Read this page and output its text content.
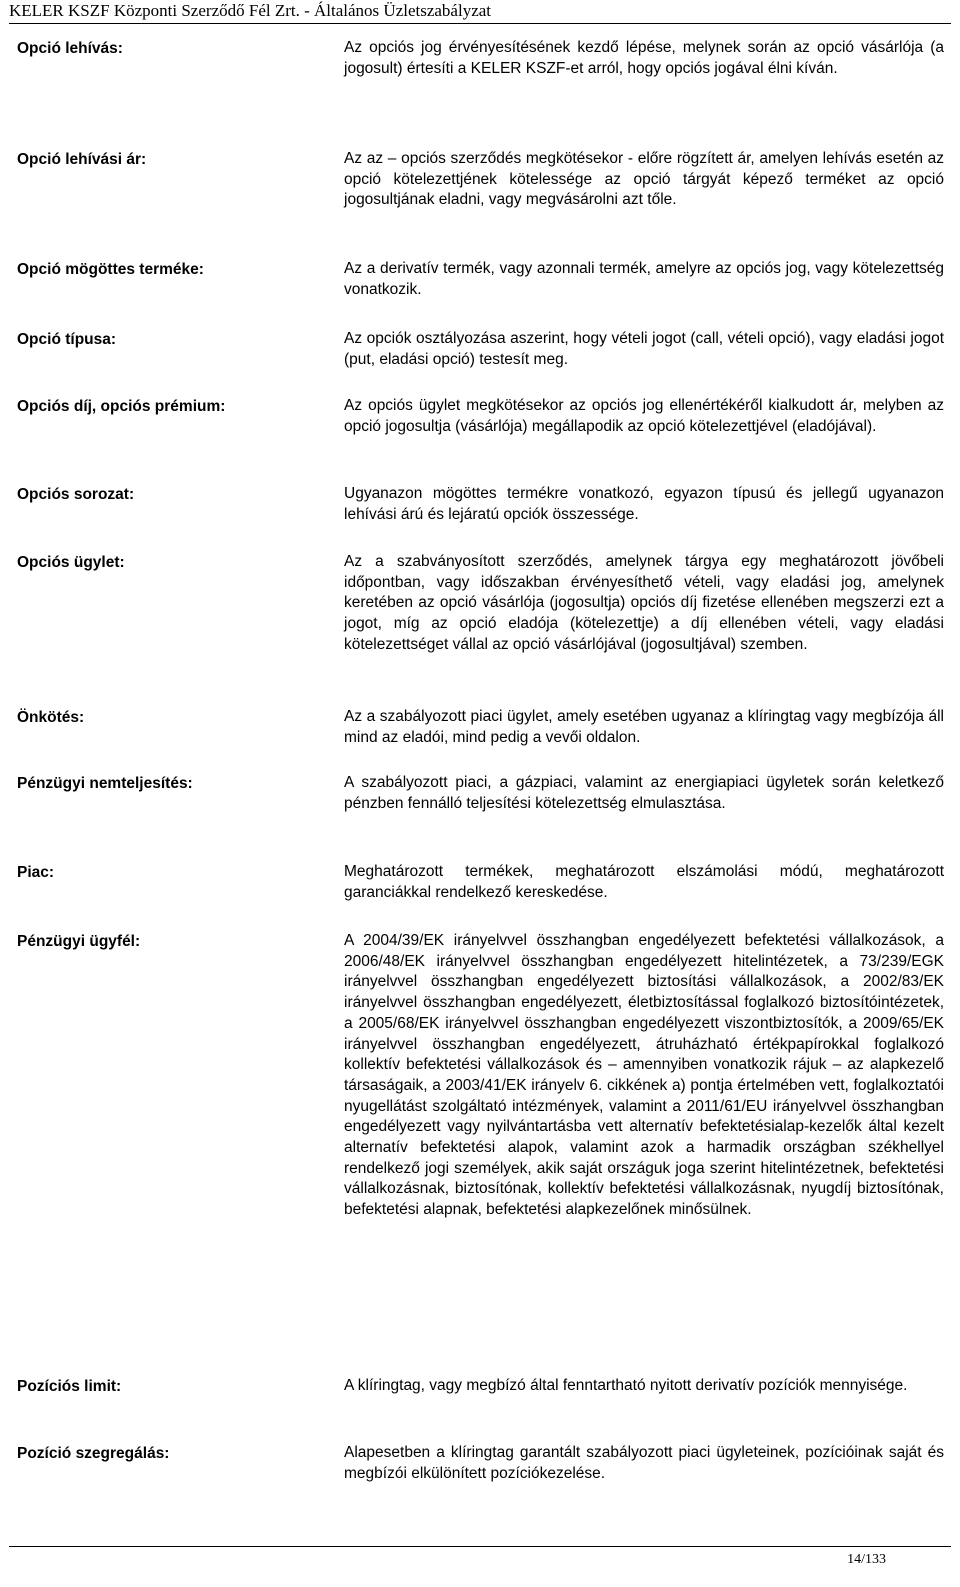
KELER KSZF Központi Szerződő Fél Zrt. - Általános Üzletszabályzat
Opció lehívás:	Az opciós jog érvényesítésének kezdő lépése, melynek során az opció vásárlója (a jogosult) értesíti a KELER KSZF-et arról, hogy opciós jogával élni kíván.
Opció lehívási ár:	Az az – opciós szerződés megkötésekor - előre rögzített ár, amelyen lehívás esetén az opció kötelezettjének kötelessége az opció tárgyát képező terméket az opció jogosultjának eladni, vagy megvásárolni azt tőle.
Opció mögöttes terméke:	Az a derivatív termék, vagy azonnali termék, amelyre az opciós jog, vagy kötelezettség vonatkozik.
Opció típusa:	Az opciók osztályozása aszerint, hogy vételi jogot (call, vételi opció), vagy eladási jogot (put, eladási opció) testesít meg.
Opciós díj, opciós prémium:	Az opciós ügylet megkötésekor az opciós jog ellenértékéről kialkudott ár, melyben az opció jogosultja (vásárlója) megállapodik az opció kötelezettjével (eladójával).
Opciós sorozat:	Ugyanazon mögöttes termékre vonatkozó, egyazon típusú és jellegű ugyanazon lehívási árú és lejáratú opciók összessége.
Opciós ügylet:	Az a szabványosított szerződés, amelynek tárgya egy meghatározott jövőbeli időpontban, vagy időszakban érvényesíthető vételi, vagy eladási jog, amelynek keretében az opció vásárlója (jogosultja) opciós díj fizetése ellenében megszerzi ezt a jogot, míg az opció eladója (kötelezettje) a díj ellenében vételi, vagy eladási kötelezettséget vállal az opció vásárlójával (jogosultjával) szemben.
Önkötés:	Az a szabályozott piaci ügylet, amely esetében ugyanaz a klíringtag vagy megbízója áll mind az eladói, mind pedig a vevői oldalon.
Pénzügyi nemteljesítés:	A szabályozott piaci, a gázpiaci, valamint az energiapiaci ügyletek során keletkező pénzben fennálló teljesítési kötelezettség elmulasztása.
Piac:	Meghatározott termékek, meghatározott elszámolási módú, meghatározott garanciákkal rendelkező kereskedése.
Pénzügyi ügyfél:	A 2004/39/EK irányelvvel összhangban engedélyezett befektetési vállalkozások, a 2006/48/EK irányelvvel összhangban engedélyezett hitelintézetek, a 73/239/EGK irányelvvel összhangban engedélyezett biztosítási vállalkozások, a 2002/83/EK irányelvvel összhangban engedélyezett, életbiztosítással foglalkozó biztosítóintézetek, a 2005/68/EK irányelvvel összhangban engedélyezett viszontbiztosítók, a 2009/65/EK irányelvvel összhangban engedélyezett, átruházható értékpapírokkal foglalkozó kollektív befektetési vállalkozások és – amennyiben vonatkozik rájuk – az alapkezelő társaságaik, a 2003/41/EK irányelv 6. cikkének a) pontja értelmében vett, foglalkoztatói nyugellátást szolgáltató intézmények, valamint a 2011/61/EU irányelvvel összhangban engedélyezett vagy nyilvántartásba vett alternatív befektetésialap-kezelők által kezelt alternatív befektetési alapok, valamint azok a harmadik országban székhellyel rendelkező jogi személyek, akik saját országuk joga szerint hitelintézetnek, befektetési vállalkozásnak, biztosítónak, kollektív befektetési vállalkozásnak, nyugdíj biztosítónak, befektetési alapnak, befektetési alapkezelőnek minősülnek.
Pozíciós limit:	A klíringtag, vagy megbízó által fenntartható nyitott derivatív pozíciók mennyisége.
Pozíció szegregálás:	Alapesetben a klíringtag garantált szabályozott piaci ügyleteinek, pozícióinak saját és megbízói elkülönített pozíciókezelése.
14/133
